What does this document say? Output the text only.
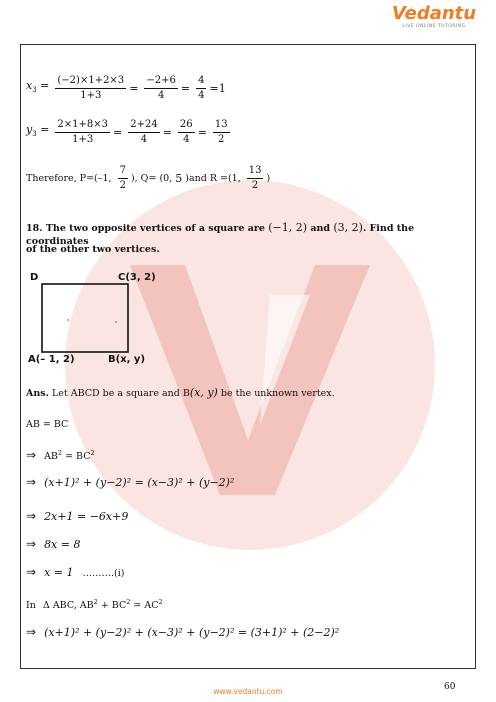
Vedantu
LIVE ONLINE TUTORING
$x_3 = \frac{(-2)\times 1+2\times 3}{1+3} = \frac{-2+6}{4} = \frac{4}{4} =1$
$y_3 = \frac{2\times 1+8\times 3}{1+3} = \frac{2+24}{4} = \frac{26}{4} = \frac{13}{2}$
Therefore, P=(–1, $\frac{7}{2}$ ), Q= (0, 5 )and R =(1, $\frac{13}{2}$ )
18. The two opposite vertices of a square are (−1, 2) and (3, 2). Find the coordinates
of the other two vertices.
D	C(3, 2)
A(– 1, 2)	B(x, y)
Ans. Let ABCD be a square and B(x, y) be the unknown vertex.
AB = BC
⇒ $AB^2 = BC^2$
⇒ (x+1)² + (y−2)² = (x−3)² + (y−2)²
⇒ 2x+1 = −6x+9
⇒ 8x = 8
⇒ x = 1 ……….(i)
In Δ ABC, $AB^2 + BC^2 = AC^2$
⇒ (x+1)² + (y−2)² + (x−3)² + (y−2)² = (3+1)² + (2−2)²
60
www.vedantu.com
